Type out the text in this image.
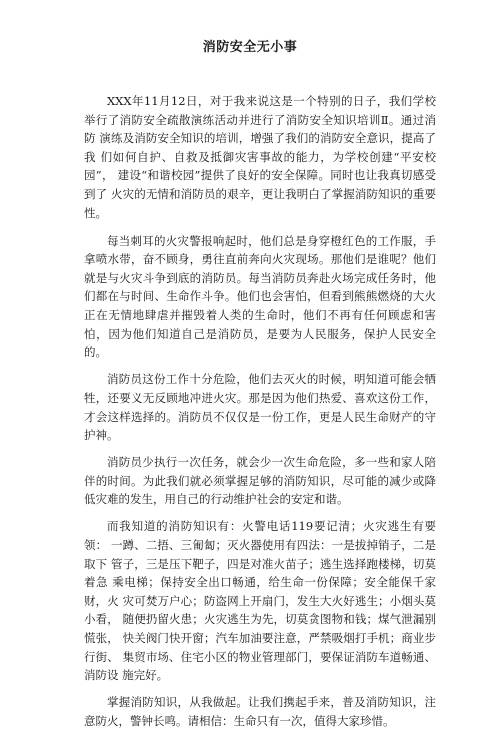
消防安全无小事

XXX年11月12日，对于我来说这是一个特别的日子，我们学校 举行了消防安全疏散演练活动并进行了消防安全知识培训Ⅱ。通过消防 演练及消防安全知识的培训，增强了我们的消防安全意识，提高了我 们如何自护、自救及抵御灾害事故的能力，为学校创建“平安校园”， 建设“和谐校园”提供了良好的安全保障。同时也让我真切感受到了 火灾的无情和消防员的艰辛，更让我明白了掌握消防知识的重要性。

每当刺耳的火灾警报响起时，他们总是身穿橙红色的工作服，手 拿喷水带，奋不顾身，勇往直前奔向火灾现场。那他们是谁呢？他们 就是与火灾斗争到底的消防员。每当消防员奔赴火场完成任务时，他 们都在与时间、生命作斗争。他们也会害怕，但看到熊熊燃烧的大火 正在无情地肆虐并摧毁着人类的生命时，他们不再有任何顾虑和害怕，因为他们知道自己是消防员，是要为人民服务，保护人民安全的。

消防员这份工作十分危险，他们去灭火的时候，明知道可能会牺 牲，还要义无反顾地冲进火灾。那是因为他们热爱、喜欢这份工作， 才会这样选择的。消防员不仅仅是一份工作，更是人民生命财产的守 护神。

消防员少执行一次任务，就会少一次生命危险，多一些和家人陪 伴的时间。为此我们就必须掌握足够的消防知识，尽可能的减少或降 低灾难的发生，用自己的行动维护社会的安定和谐。

而我知道的消防知识有：火警电话119要记清；火灾逃生有要领： 一蹲、二捂、三匍匐；灭火器使用有四法：一是拔掉销子，二是取下 管子，三是压下靶子，四是对准火苗子；逃生选择跑楼梯，切莫着急 乘电梯；保持安全出口畅通，给生命一份保障；安全能保千家财，火 灾可焚万户心；防盗网上开扇门，发生大火好逃生；小烟头莫小看， 随便扔留火患；火灾逃生为先，切莫贪图物和钱；煤气泄漏别慌张， 快关阀门快开窗；汽车加油要注意，严禁吸烟打手机；商业步行街、 集贸市场、住宅小区的物业管理部门，要保证消防车道畅通、消防设 施完好。

掌握消防知识，从我做起。让我们携起手来，普及消防知识，注 意防火，警钟长鸣。请相信：生命只有一次，值得大家珍惜。
